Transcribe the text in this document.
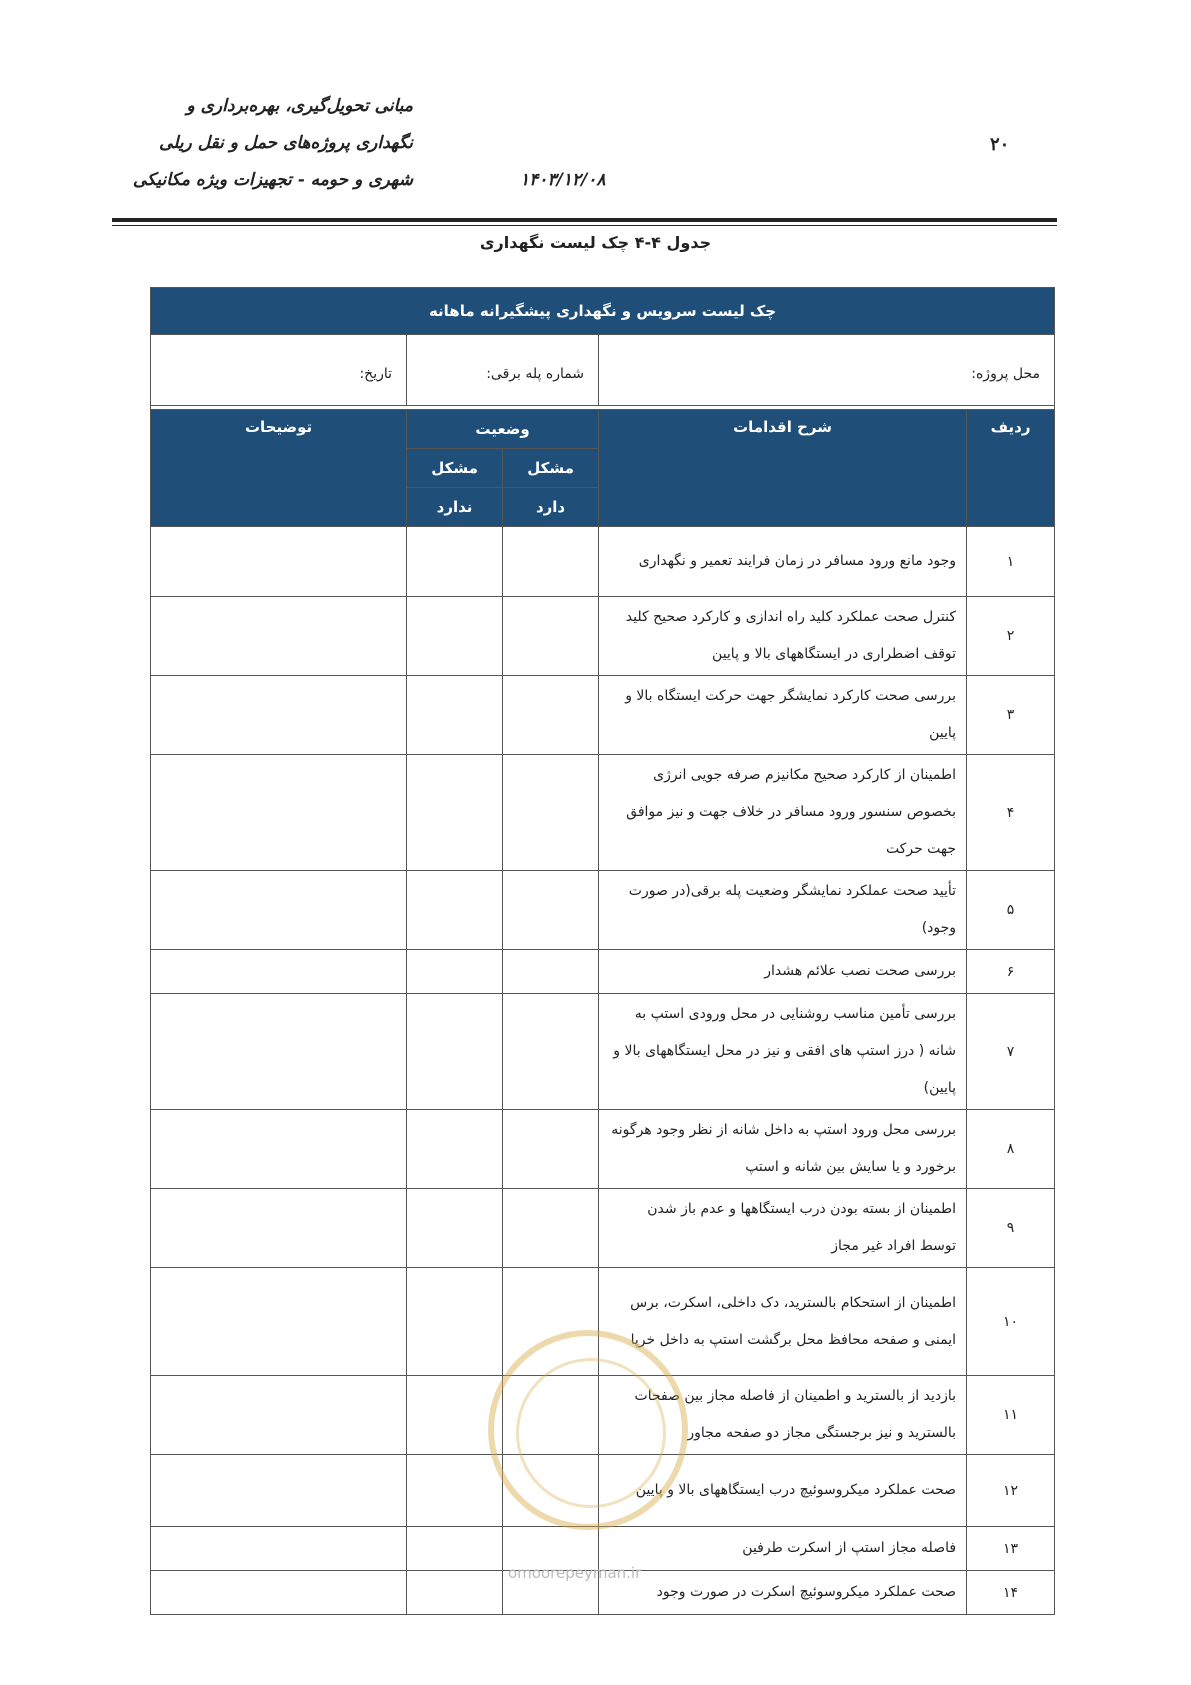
مبانی تحویل‌گیری، بهره‌برداری و
نگهداری پروژه‌های حمل و نقل ریلی
شهری و حومه - تجهیزات ویژه مکانیکی	۱۴۰۳/۱۲/۰۸
۲۰
جدول ۴-۴ چک لیست نگهداری
چک لیست سرویس و نگهداری پیشگیرانه ماهانه				

محل پروژه:		شماره پله برقی:		تاریخ:

ردیف	شرح اقدامات	وضعیت		توضیحات
		مشکل	مشکل	
		دارد	ندارد	
۱	وجود مانع ورود مسافر در زمان فرایند تعمیر و نگهداری			
۲	کنترل صحت عملکرد کلید راه اندازی و کارکرد صحیح کلید توقف اضطراری در ایستگاههای بالا و پایین			
۳	بررسی صحت کارکرد نمایشگر جهت حرکت ایستگاه بالا و پایین			
۴	اطمینان از کارکرد صحیح مکانیزم صرفه جویی انرژی بخصوص سنسور ورود مسافر در خلاف جهت و نیز موافق جهت حرکت			
۵	تأیید صحت عملکرد نمایشگر وضعیت پله برقی(در صورت وجود)			
۶	بررسی صحت نصب علائم هشدار			
۷	بررسی تأمین مناسب روشنایی در محل ورودی استپ به شانه ( درز استپ های افقی و نیز در محل ایستگاههای بالا و پایین)			
۸	بررسی محل ورود استپ به داخل شانه از نظر وجود هرگونه برخورد و یا سایش بین شانه و استپ			
۹	اطمینان از بسته بودن درب ایستگاهها و عدم باز شدن توسط افراد غیر مجاز			
۱۰	اطمینان از استحکام بالسترید، دک داخلی، اسکرت، برس ایمنی و صفحه محافظ محل برگشت استپ به داخل خرپا			
۱۱	بازدید از بالسترید و اطمینان از فاصله مجاز بین صفحات بالسترید و نیز برجستگی مجاز دو صفحه مجاور			
۱۲	صحت عملکرد میکروسوئیچ درب ایستگاههای بالا و پایین			
۱۳	فاصله مجاز استپ از اسکرت طرفین			
۱۴	صحت عملکرد میکروسوئیچ اسکرت در صورت وجود			
omoorepeyman.ir
